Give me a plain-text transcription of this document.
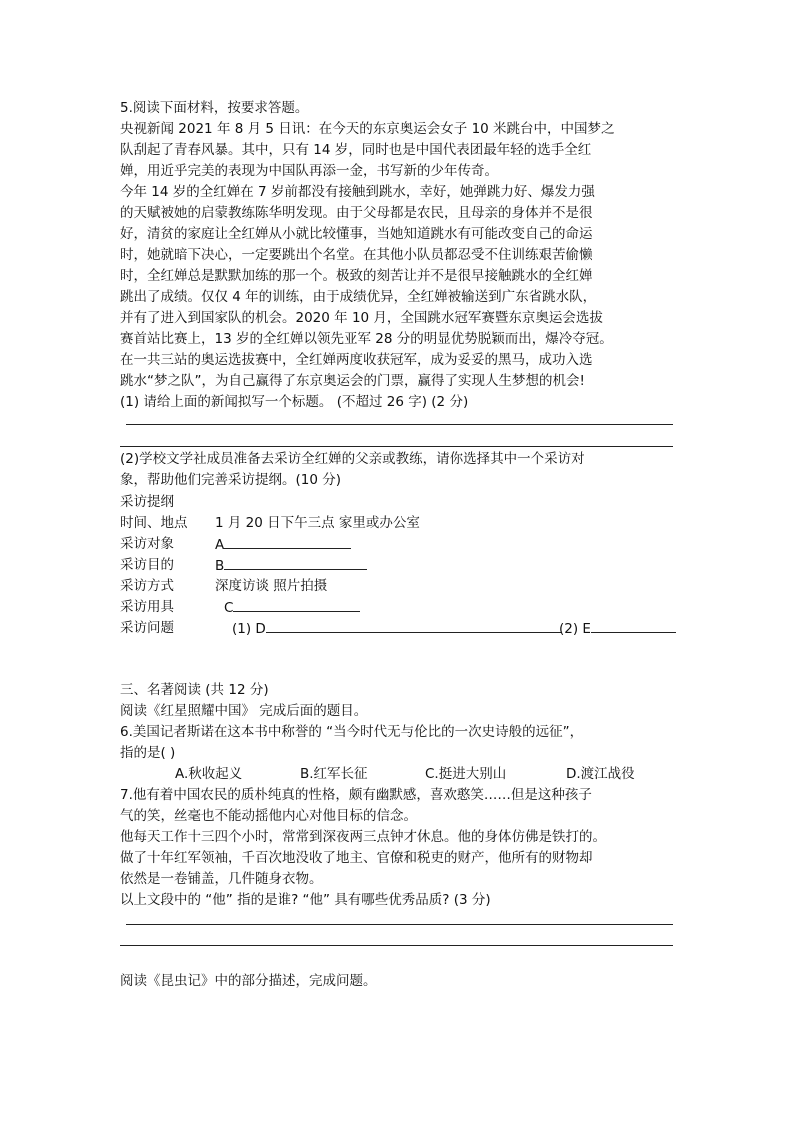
5.阅读下面材料，按要求答题。
央视新闻 2021 年 8 月 5 日讯：在今天的东京奥运会女子 10 米跳台中，中国梦之
队刮起了青春风暴。其中，只有 14 岁，同时也是中国代表团最年轻的选手全红
婵，用近乎完美的表现为中国队再添一金，书写新的少年传奇。
今年 14 岁的全红婵在 7 岁前都没有接触到跳水，幸好，她弹跳力好、爆发力强
的天赋被她的启蒙教练陈华明发现。由于父母都是农民，且母亲的身体并不是很
好，清贫的家庭让全红婵从小就比较懂事，当她知道跳水有可能改变自己的命运
时，她就暗下决心，一定要跳出个名堂。在其他小队员都忍受不住训练艰苦偷懒
时，全红婵总是默默加练的那一个。极致的刻苦让并不是很早接触跳水的全红婵
跳出了成绩。仅仅 4 年的训练，由于成绩优异，全红婵被输送到广东省跳水队，
并有了进入到国家队的机会。2020 年 10 月，全国跳水冠军赛暨东京奥运会选拔
赛首站比赛上，13 岁的全红婵以领先亚军 28 分的明显优势脱颖而出，爆冷夺冠。
在一共三站的奥运选拔赛中，全红婵两度收获冠军，成为妥妥的黑马，成功入选
跳水“梦之队”，为自己赢得了东京奥运会的门票，赢得了实现人生梦想的机会!
(1) 请给上面的新闻拟写一个标题。 (不超过 26 字) (2 分)
(2)学校文学社成员准备去采访全红婵的父亲或教练，请你选择其中一个采访对
象，帮助他们完善采访提纲。(10 分)
采访提纲
时间、地点 1 月 20 日下午三点 家里或办公室
采访对象	A
采访目的	B
采访方式	深度访谈 照片拍摄
采访用具	C
采访问题	(1) D	(2) E
三、名著阅读 (共 12 分)
阅读《红星照耀中国》 完成后面的题目。
6.美国记者斯诺在这本书中称誉的 “当今时代无与伦比的一次史诗般的远征”，
指的是( )
A.秋收起义	B.红军长征	C.挺进大别山	D.渡江战役
7.他有着中国农民的质朴纯真的性格，颇有幽默感，喜欢憨笑……但是这种孩子
气的笑，丝毫也不能动摇他内心对他目标的信念。
他每天工作十三四个小时，常常到深夜两三点钟才休息。他的身体仿佛是铁打的。
做了十年红军领袖，千百次地没收了地主、官僚和税吏的财产，他所有的财物却
依然是一卷铺盖，几件随身衣物。
以上文段中的 “他” 指的是谁? “他” 具有哪些优秀品质? (3 分)
阅读《昆虫记》中的部分描述，完成问题。
